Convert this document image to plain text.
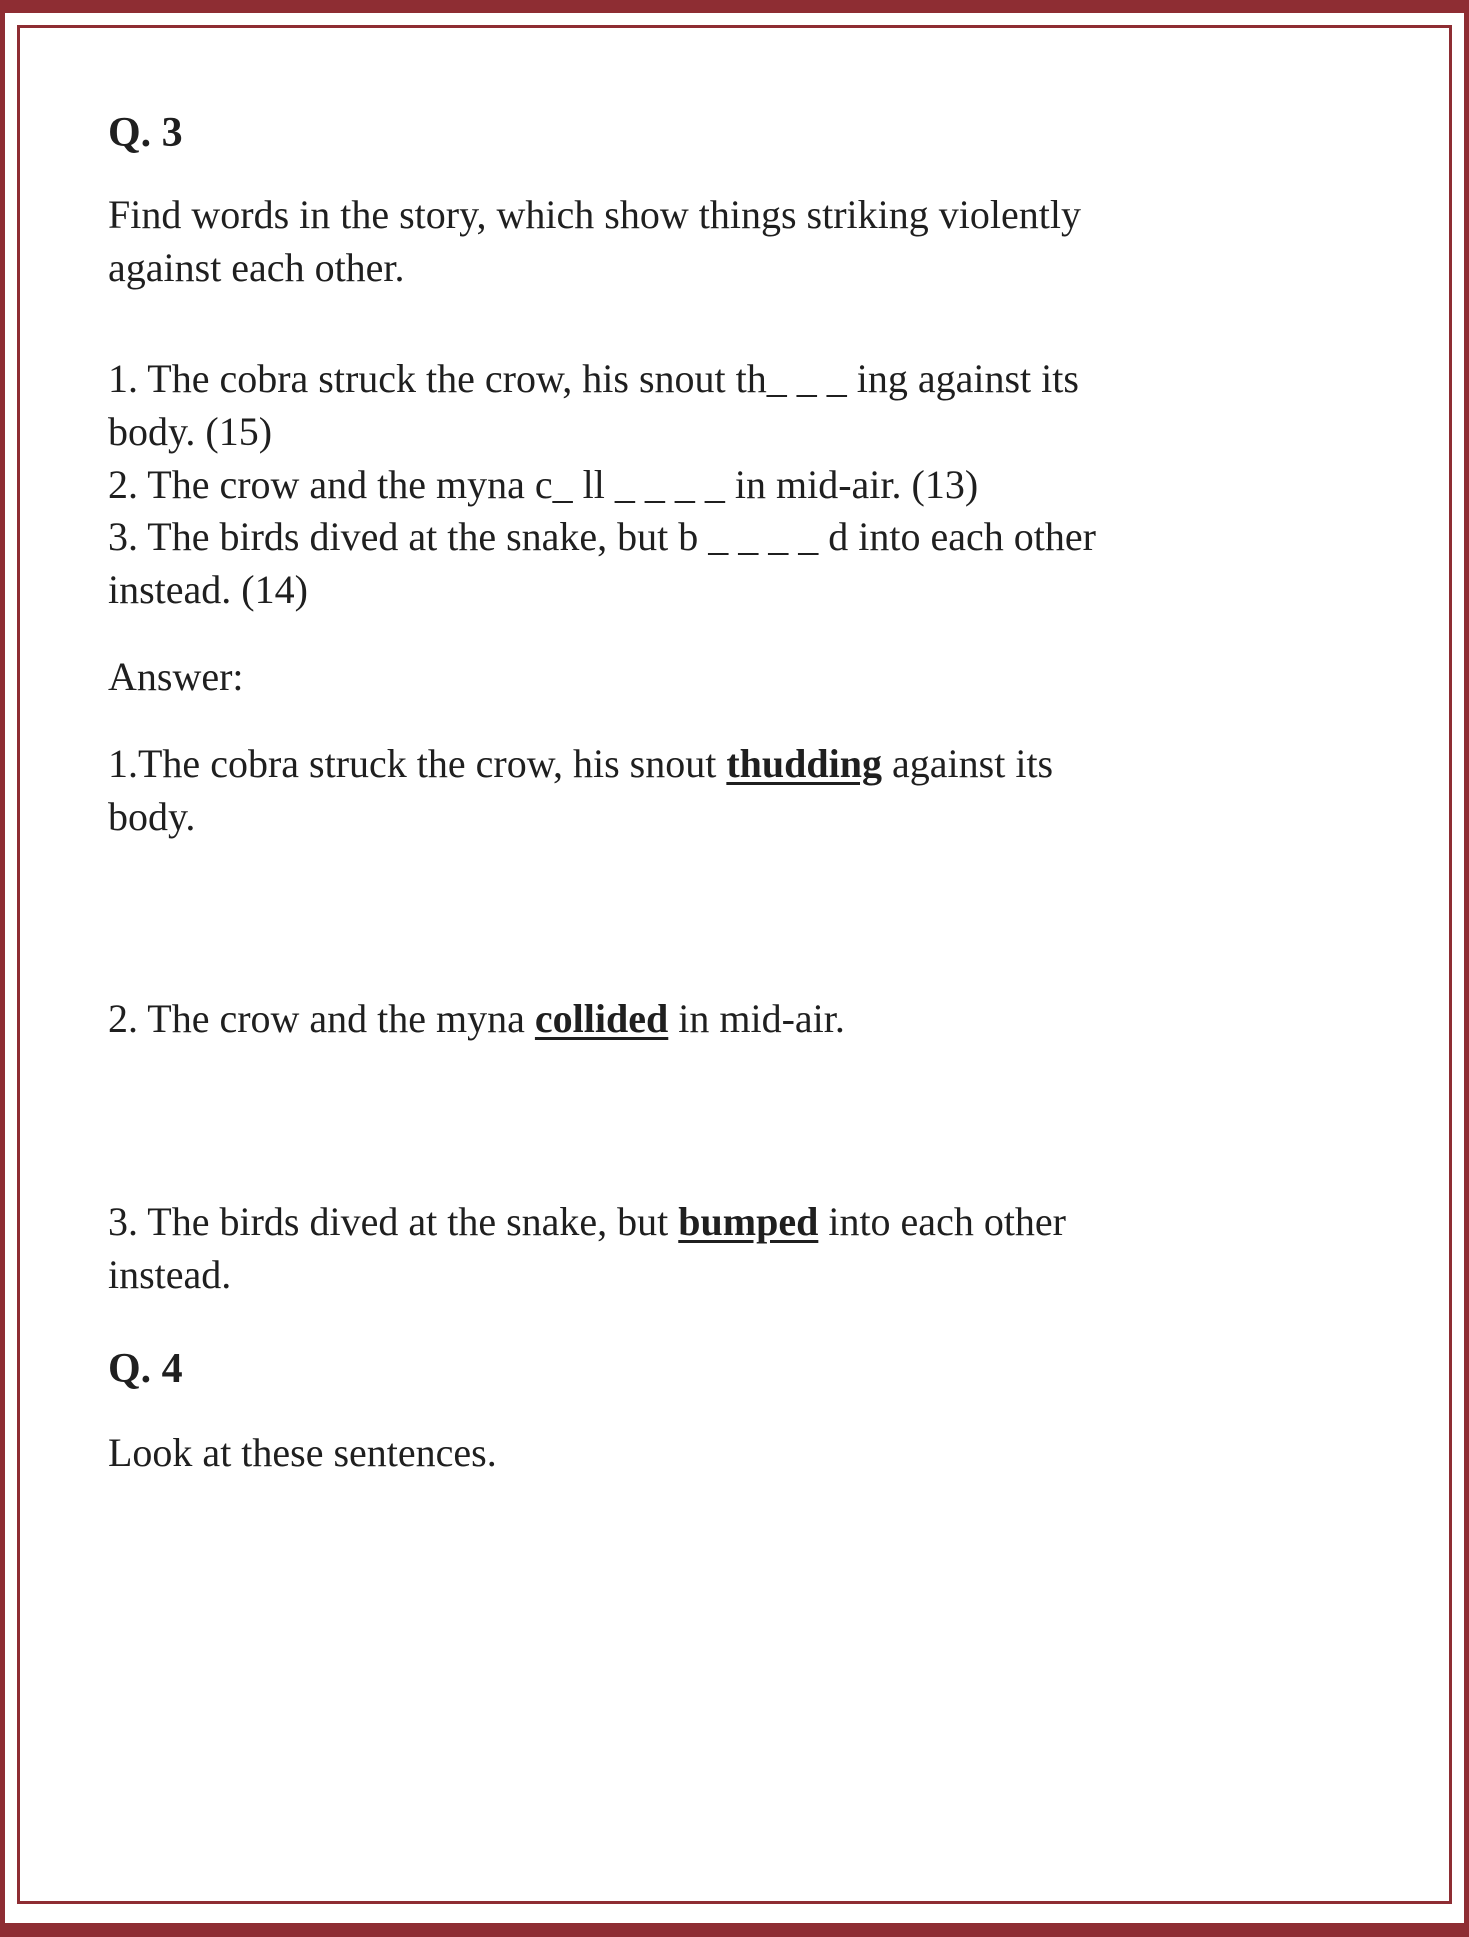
Q. 3

Find words in the story, which show things striking violently against each other.

1. The cobra struck the crow, his snout th_ _ _ ing against its body. (15)
2. The crow and the myna c_ ll _ _ _ _ in mid-air. (13)
3. The birds dived at the snake, but b _ _ _ _ d into each other instead. (14)

Answer:

1.The cobra struck the crow, his snout thudding against its body.
2. The crow and the myna collided in mid-air.
3. The birds dived at the snake, but bumped into each other instead.
Q. 4

Look at these sentences.
